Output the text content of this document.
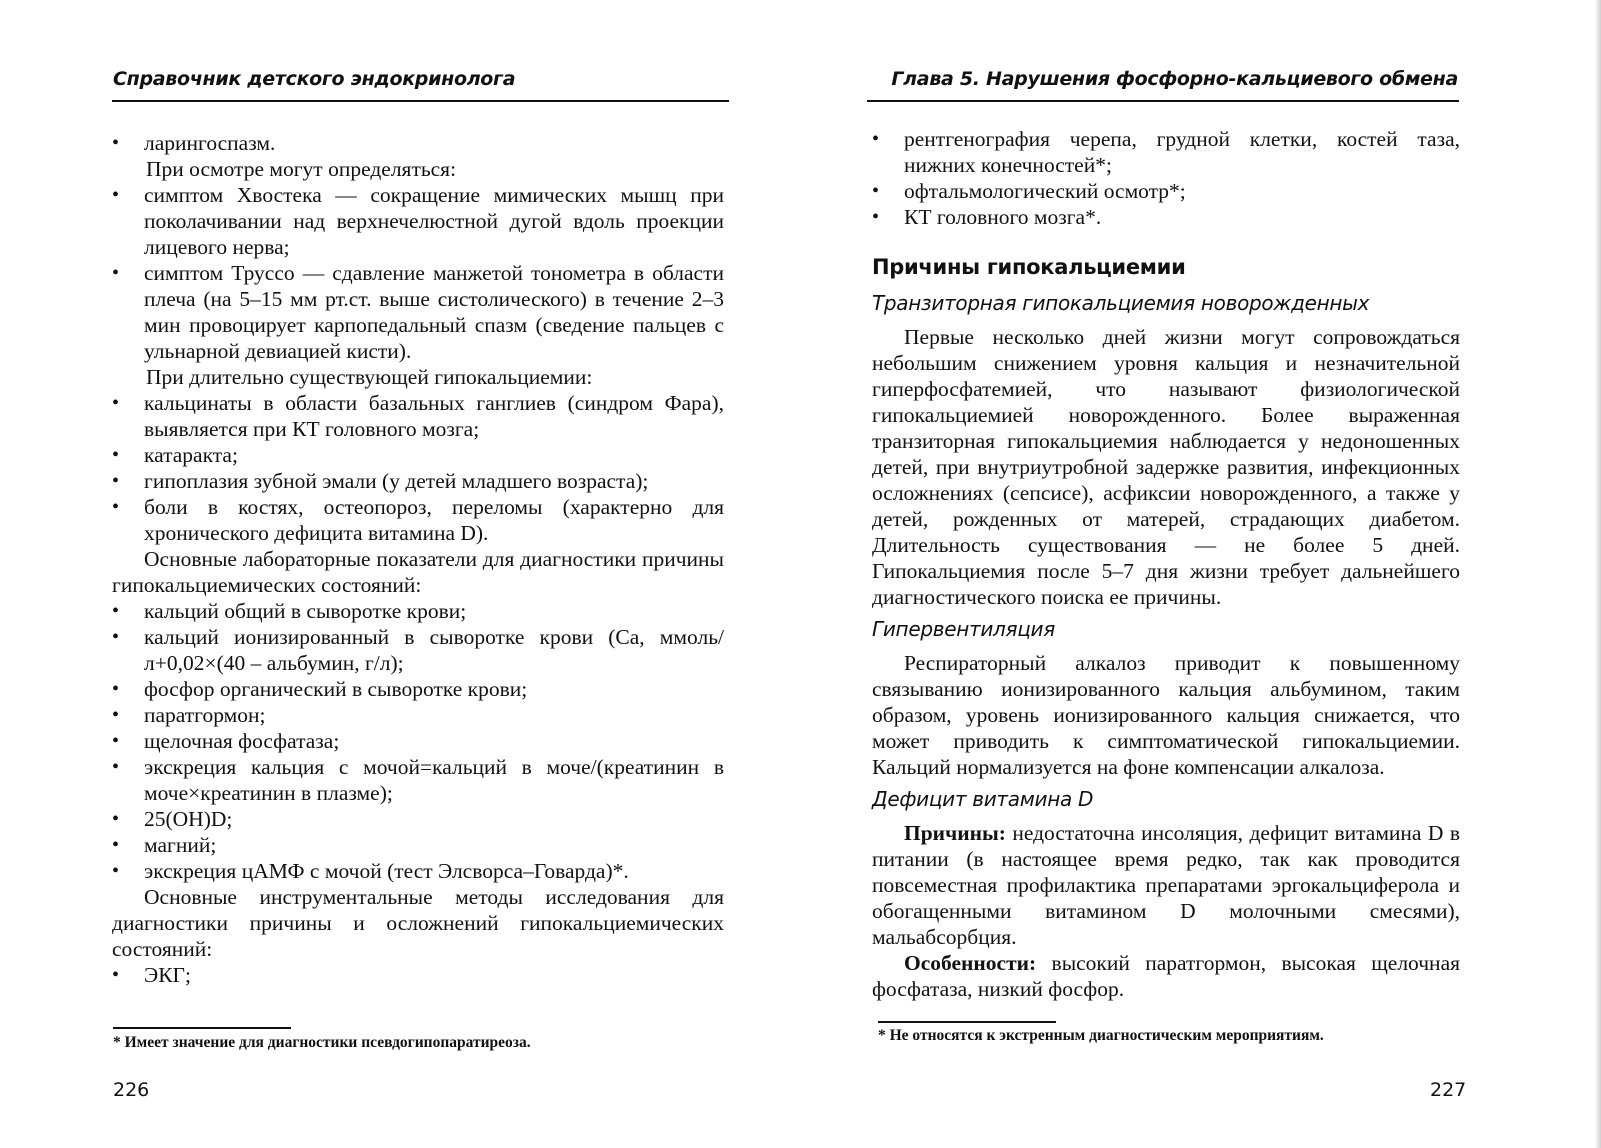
Справочник детского эндокринолога
•	ларингоспазм.

При осмотре могут определяться:

•	симптом Хвостека — сокращение мимических мышц при поколачивании над верхнечелюстной дугой вдоль проекции лицевого нерва;
•	симптом Труссо — сдавление манжетой тонометра в области плеча (на 5–15 мм рт.ст. выше систолического) в течение 2–3 мин провоцирует карпопедальный спазм (сведение пальцев с ульнарной девиацией кисти).

При длительно существующей гипокальциемии:

•	кальцинаты в области базальных ганглиев (синдром Фара), выявляется при КТ головного мозга;
•	катаракта;
•	гипоплазия зубной эмали (у детей младшего возраста);
•	боли в костях, остеопороз, переломы (характерно для хронического дефицита витамина D).

Основные лабораторные показатели для диагностики причины гипокальциемических состояний:

•	кальций общий в сыворотке крови;
•	кальций ионизированный в сыворотке крови (Са, ммоль/л+0,02×(40 – альбумин, г/л);
•	фосфор органический в сыворотке крови;
•	паратгормон;
•	щелочная фосфатаза;
•	экскреция кальция с мочой=кальций в моче/(креатинин в моче×креатинин в плазме);
•	25(OH)D;
•	магний;
•	экскреция цАМФ с мочой (тест Элсворса–Говарда)*.

Основные инструментальные методы исследования для диагностики причины и осложнений гипокальциемических состояний:

•	ЭКГ;
* Имеет значение для диагностики псевдогипопаратиреоза.
226
Глава 5. Нарушения фосфорно-кальциевого обмена
•	рентгенография черепа, грудной клетки, костей таза, нижних конечностей*;
•	офтальмологический осмотр*;
•	КТ головного мозга*.
Причины гипокальциемии
Транзиторная гипокальциемия новорожденных

Первые несколько дней жизни могут сопровождаться небольшим снижением уровня кальция и незначительной гиперфосфатемией, что называют физиологической гипокальциемией новорожденного. Более выраженная транзиторная гипокальциемия наблюдается у недоношенных детей, при внутриутробной задержке развития, инфекционных осложнениях (сепсисе), асфиксии новорожденного, а также у детей, рожденных от матерей, страдающих диабетом. Длительность существования — не более 5 дней. Гипокальциемия после 5–7 дня жизни требует дальнейшего диагностического поиска ее причины.

Гипервентиляция

Респираторный алкалоз приводит к повышенному связыванию ионизированного кальция альбумином, таким образом, уровень ионизированного кальция снижается, что может приводить к симптоматической гипокальциемии. Кальций нормализуется на фоне компенсации алкалоза.

Дефицит витамина D

Причины: недостаточна инсоляция, дефицит витамина D в питании (в настоящее время редко, так как проводится повсеместная профилактика препаратами эргокальциферола и обогащенными витамином D молочными смесями), мальабсорбция.

Особенности: высокий паратгормон, высокая щелочная фосфатаза, низкий фосфор.

* Не относятся к экстренным диагностическим мероприятиям.
227
